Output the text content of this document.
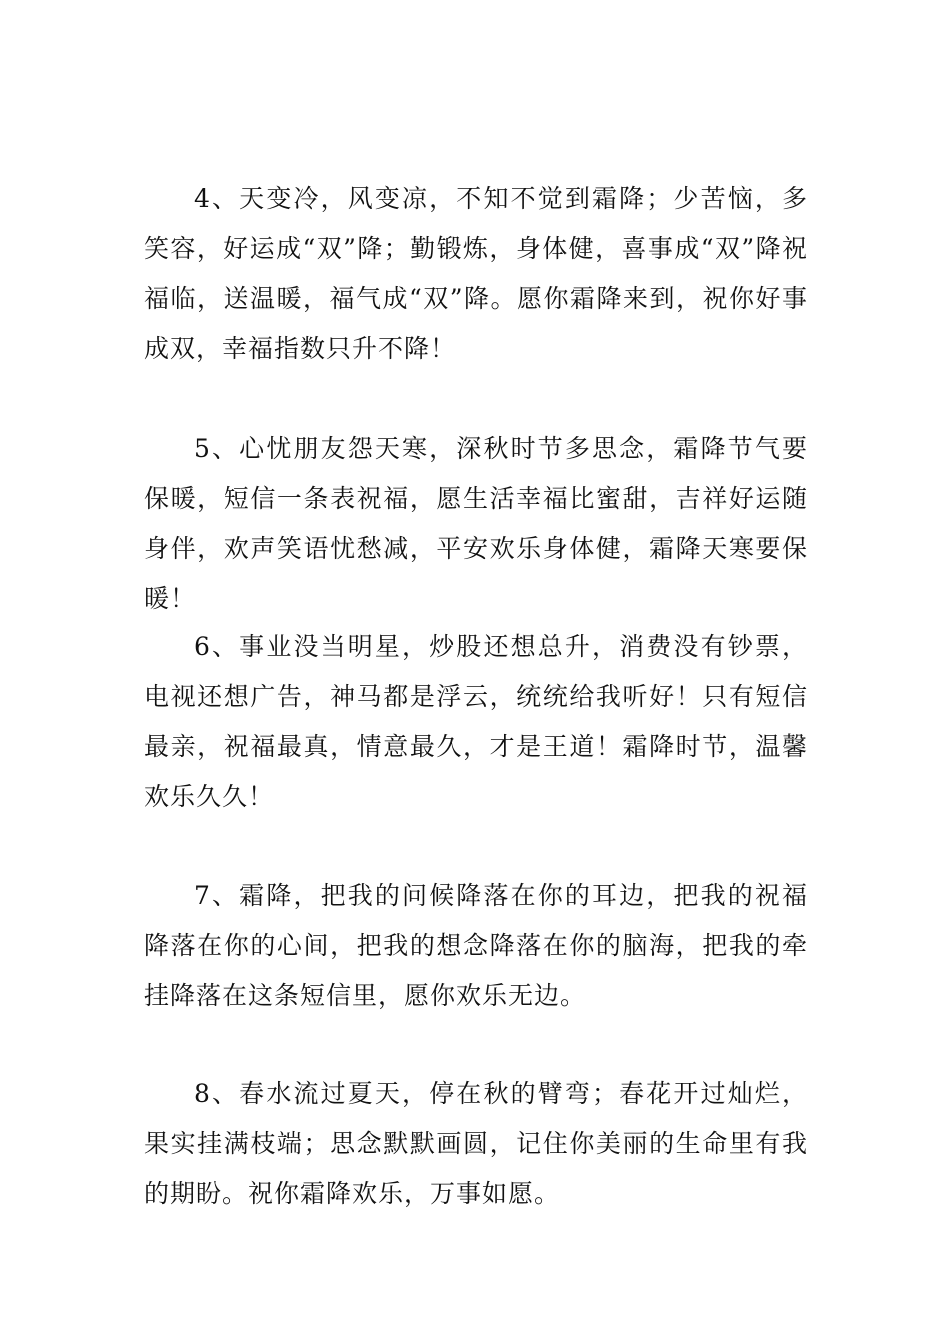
4、天变冷，风变凉，不知不觉到霜降；少苦恼，多笑容，好运成“双”降；勤锻炼，身体健，喜事成“双”降祝福临，送温暖，福气成“双”降。愿你霜降来到，祝你好事成双，幸福指数只升不降！

5、心忧朋友怨天寒，深秋时节多思念，霜降节气要保暖，短信一条表祝福，愿生活幸福比蜜甜，吉祥好运随身伴，欢声笑语忧愁减，平安欢乐身体健，霜降天寒要保暖！

6、事业没当明星，炒股还想总升，消费没有钞票，电视还想广告，神马都是浮云，统统给我听好！只有短信最亲，祝福最真，情意最久，才是王道！霜降时节，温馨欢乐久久！

7、霜降，把我的问候降落在你的耳边，把我的祝福降落在你的心间，把我的想念降落在你的脑海，把我的牵挂降落在这条短信里，愿你欢乐无边。

8、春水流过夏天，停在秋的臂弯；春花开过灿烂，果实挂满枝端；思念默默画圆，记住你美丽的生命里有我的期盼。祝你霜降欢乐，万事如愿。
